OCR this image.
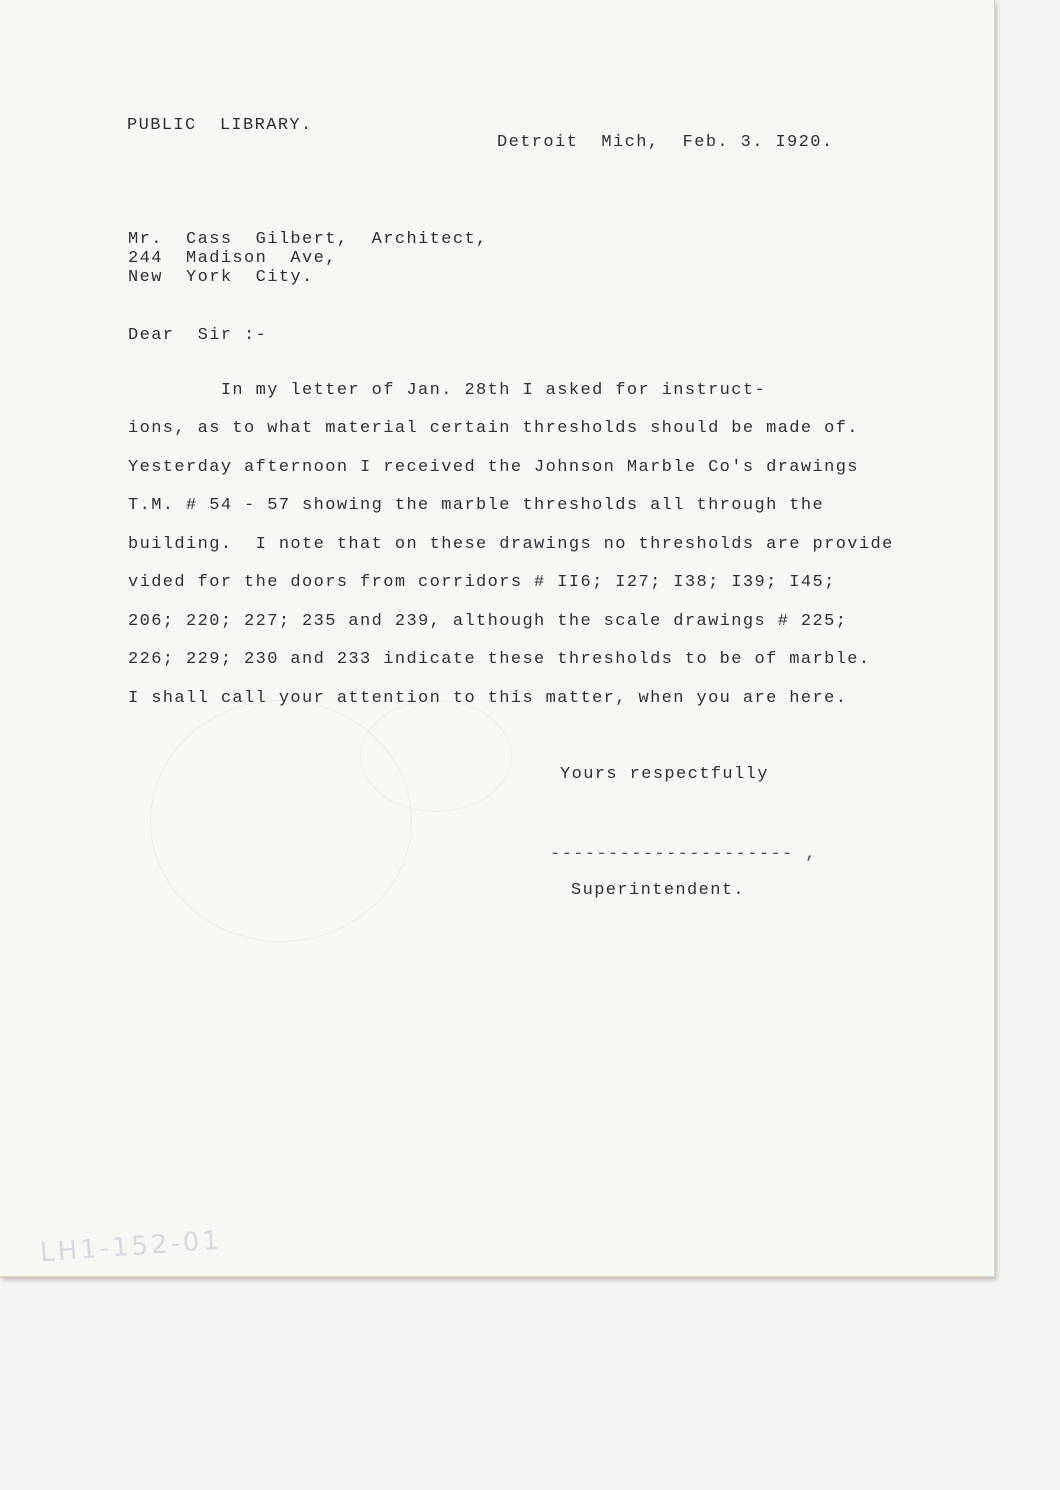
PUBLIC  LIBRARY.
Detroit  Mich,  Feb. 3. I920.
Mr.  Cass  Gilbert,  Architect,
244  Madison  Ave,
New  York  City.
Dear  Sir :-
In my letter of Jan. 28th I asked for instruct-
ions, as to what material certain thresholds should be made of.
Yesterday afternoon I received the Johnson Marble Co's drawings
T.M. # 54 - 57 showing the marble thresholds all through the
building.  I note that on these drawings no thresholds are provide
vided for the doors from corridors # II6; I27; I38; I39; I45;
206; 220; 227; 235 and 239, although the scale drawings # 225;
226; 229; 230 and 233 indicate these thresholds to be of marble.
I shall call your attention to this matter, when you are here.
Yours respectfully
--------------------- ,
Superintendent.
LH1-152-01
